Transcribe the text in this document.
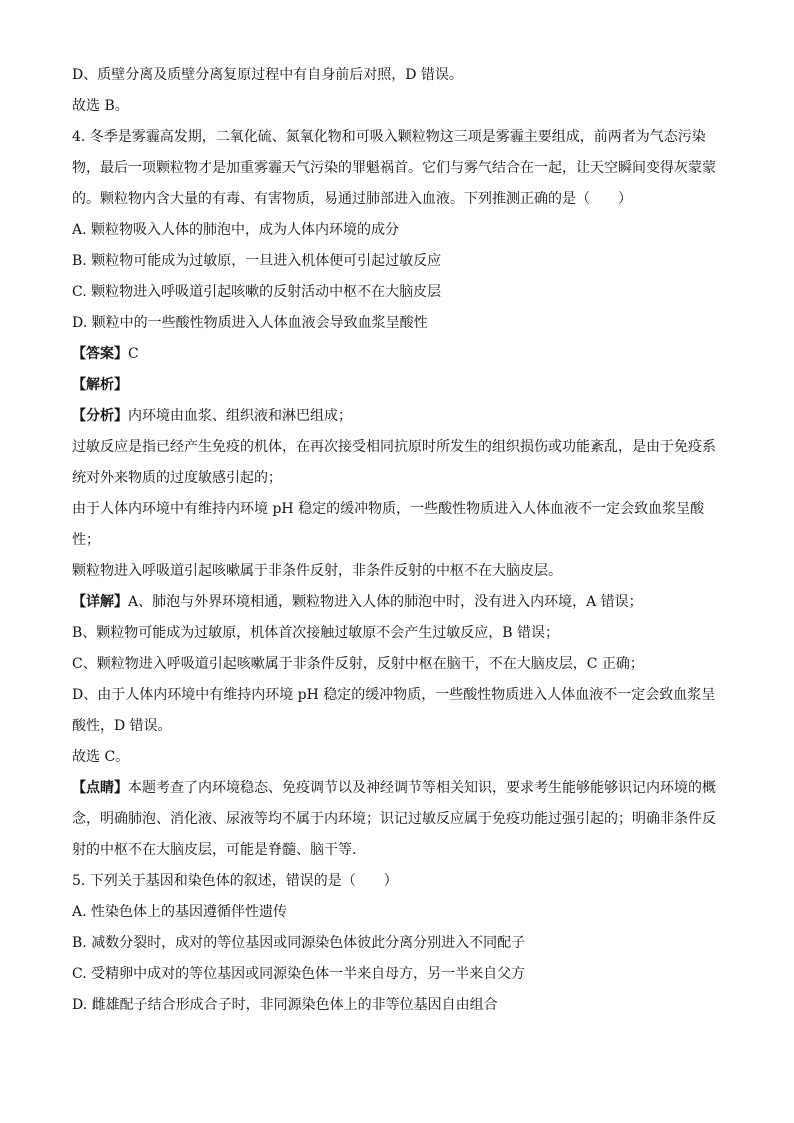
D、质壁分离及质壁分离复原过程中有自身前后对照，D 错误。
故选 B。
4. 冬季是雾霾高发期，二氧化硫、氮氧化物和可吸入颗粒物这三项是雾霾主要组成，前两者为气态污染
物，最后一项颗粒物才是加重雾霾天气污染的罪魁祸首。它们与雾气结合在一起，让天空瞬间变得灰蒙蒙
的。颗粒物内含大量的有毒、有害物质，易通过肺部进入血液。下列推测正确的是（　　）
A. 颗粒物吸入人体的肺泡中，成为人体内环境的成分
B. 颗粒物可能成为过敏原，一旦进入机体便可引起过敏反应
C. 颗粒物进入呼吸道引起咳嗽的反射活动中枢不在大脑皮层
D. 颗粒中的一些酸性物质进入人体血液会导致血浆呈酸性
【答案】C
【解析】
【分析】内环境由血浆、组织液和淋巴组成；
过敏反应是指已经产生免疫的机体，在再次接受相同抗原时所发生的组织损伤或功能紊乱，是由于免疫系
统对外来物质的过度敏感引起的；
由于人体内环境中有维持内环境 pH 稳定的缓冲物质，一些酸性物质进入人体血液不一定会致血浆呈酸
性；
颗粒物进入呼吸道引起咳嗽属于非条件反射，非条件反射的中枢不在大脑皮层。
【详解】A、肺泡与外界环境相通，颗粒物进入人体的肺泡中时，没有进入内环境，A 错误；
B、颗粒物可能成为过敏原，机体首次接触过敏原不会产生过敏反应，B 错误；
C、颗粒物进入呼吸道引起咳嗽属于非条件反射，反射中枢在脑干，不在大脑皮层，C 正确；
D、由于人体内环境中有维持内环境 pH 稳定的缓冲物质，一些酸性物质进入人体血液不一定会致血浆呈
酸性，D 错误。
故选 C。
【点睛】本题考查了内环境稳态、免疫调节以及神经调节等相关知识，要求考生能够能够识记内环境的概
念，明确肺泡、消化液、尿液等均不属于内环境；识记过敏反应属于免疫功能过强引起的；明确非条件反
射的中枢不在大脑皮层，可能是脊髓、脑干等.
5. 下列关于基因和染色体的叙述，错误的是（　　）
A. 性染色体上的基因遵循伴性遗传
B. 减数分裂时，成对的等位基因或同源染色体彼此分离分别进入不同配子
C. 受精卵中成对的等位基因或同源染色体一半来自母方，另一半来自父方
D. 雌雄配子结合形成合子时，非同源染色体上的非等位基因自由组合
